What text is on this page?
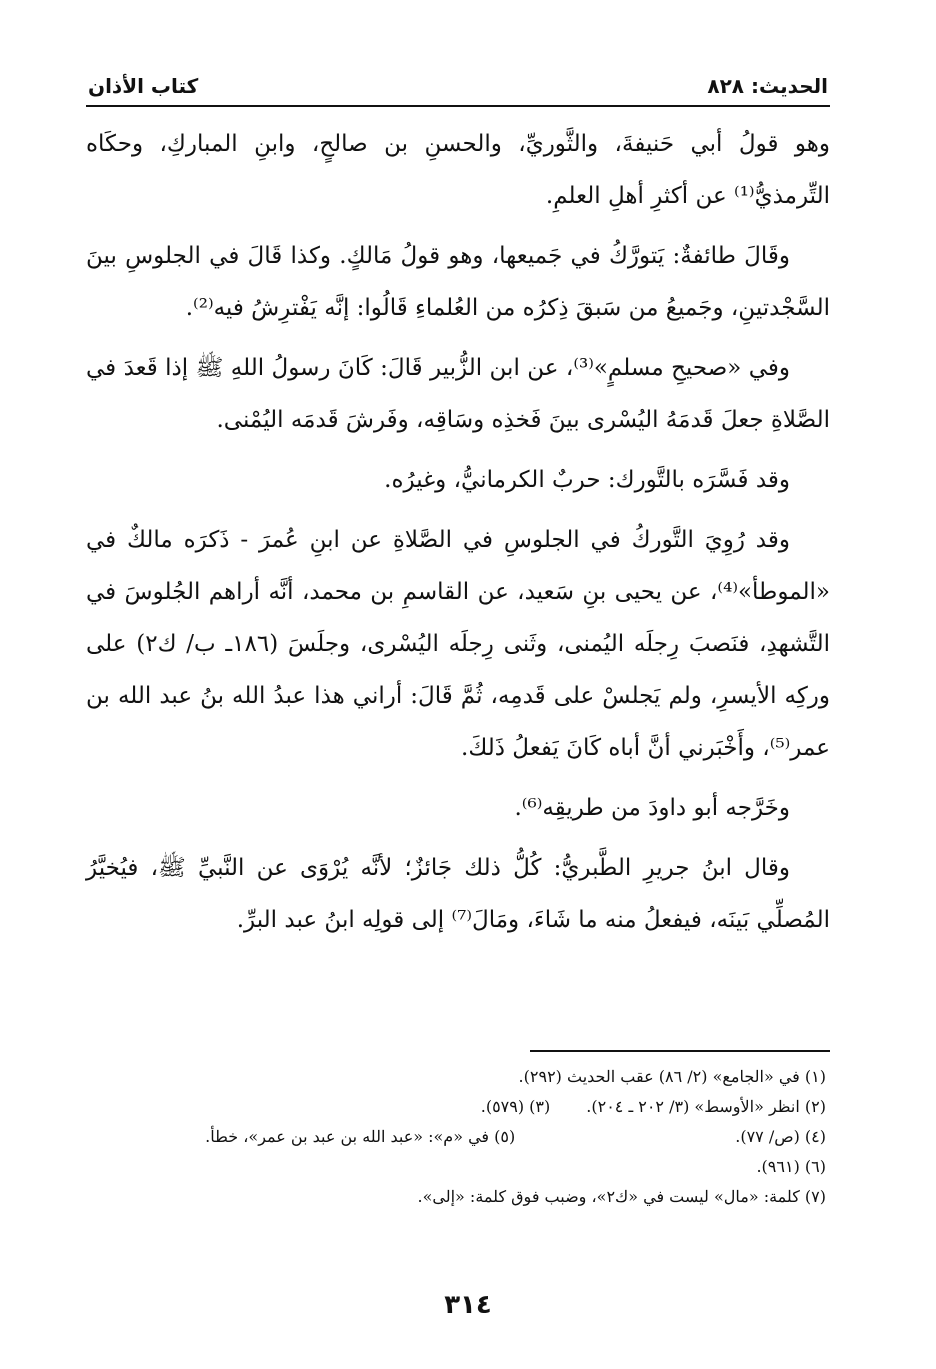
الحديث: ٨٢٨
كتاب الأذان

وهو قولُ أبي حَنيفةَ، والثَّوريِّ، والحسنِ بن صالحٍ، وابنِ المباركِ، وحكَاه التِّرمذيُّ⁽¹⁾ عن أكثرِ أهلِ العلمِ.

وقَالَ طائفةٌ: يَتورَّكُ في جَميعها، وهو قولُ مَالكٍ. وكذا قَالَ في الجلوسِ بينَ السَّجْدتينِ، وجَميعُ من سَبقَ ذِكرُه من العُلماءِ قَالُوا: إنَّه يَفْترِشُ فيه⁽²⁾.

وفي «صحيحِ مسلمٍ»⁽³⁾، عن ابن الزُّبير قَالَ: كَانَ رسولُ اللهِ ﷺ إذا قَعدَ في الصَّلاةِ جعلَ قَدمَهُ اليُسْرى بينَ فَخذِه وسَاقِه، وفَرشَ قَدمَه اليُمْنى.

وقد فَسَّرَه بالتَّورك: حربٌ الكرمانيُّ، وغيرُه.

وقد رُوِيَ التَّوركُ في الجلوسِ في الصَّلاةِ عن ابنِ عُمرَ - ذَكرَه مالكٌ في «الموطأ»⁽⁴⁾، عن يحيى بنِ سَعيد، عن القاسمِ بن محمد، أنَّه أراهم الجُلوسَ في التَّشهدِ، فنَصبَ رِجلَه اليُمنى، وثَنى رِجلَه اليُسْرى، وجلَسَ (١٨٦ـ ب/ ك٢) على وركِه الأيسرِ، ولم يَجلسْ على قَدمِه، ثُمَّ قَالَ: أراني هذا عبدُ الله بنُ عبد الله بن عمر⁽⁵⁾، وأَخْبَرني أنَّ أباه كَانَ يَفعلُ ذَلكَ.

وخَرَّجه أبو داودَ من طريقِه⁽⁶⁾.

وقال ابنُ جريرِ الطَّبريُّ: كُلُّ ذلك جَائزٌ؛ لأنَّه يُرْوَى عن النَّبيِّ ﷺ، فيُخيَّرُ المُصلِّي بَينَه، فيفعلُ منه ما شَاءَ، ومَالَ⁽⁷⁾ إلى قولِه ابنُ عبد البرِّ.

(١) في «الجامع» (٢/ ٨٦) عقب الحديث (٢٩٢).
(٢) انظر «الأوسط» (٣/ ٢٠٢ ـ ٢٠٤).
(٣) (٥٧٩).
(٤) (ص/ ٧٧).
(٥) في «م»: «عبد الله بن عبد بن عمر»، خطأ.
(٦) (٩٦١).
(٧) كلمة: «مال» ليست في «ك٢»، وضبب فوق كلمة: «إلى».
٣١٤
